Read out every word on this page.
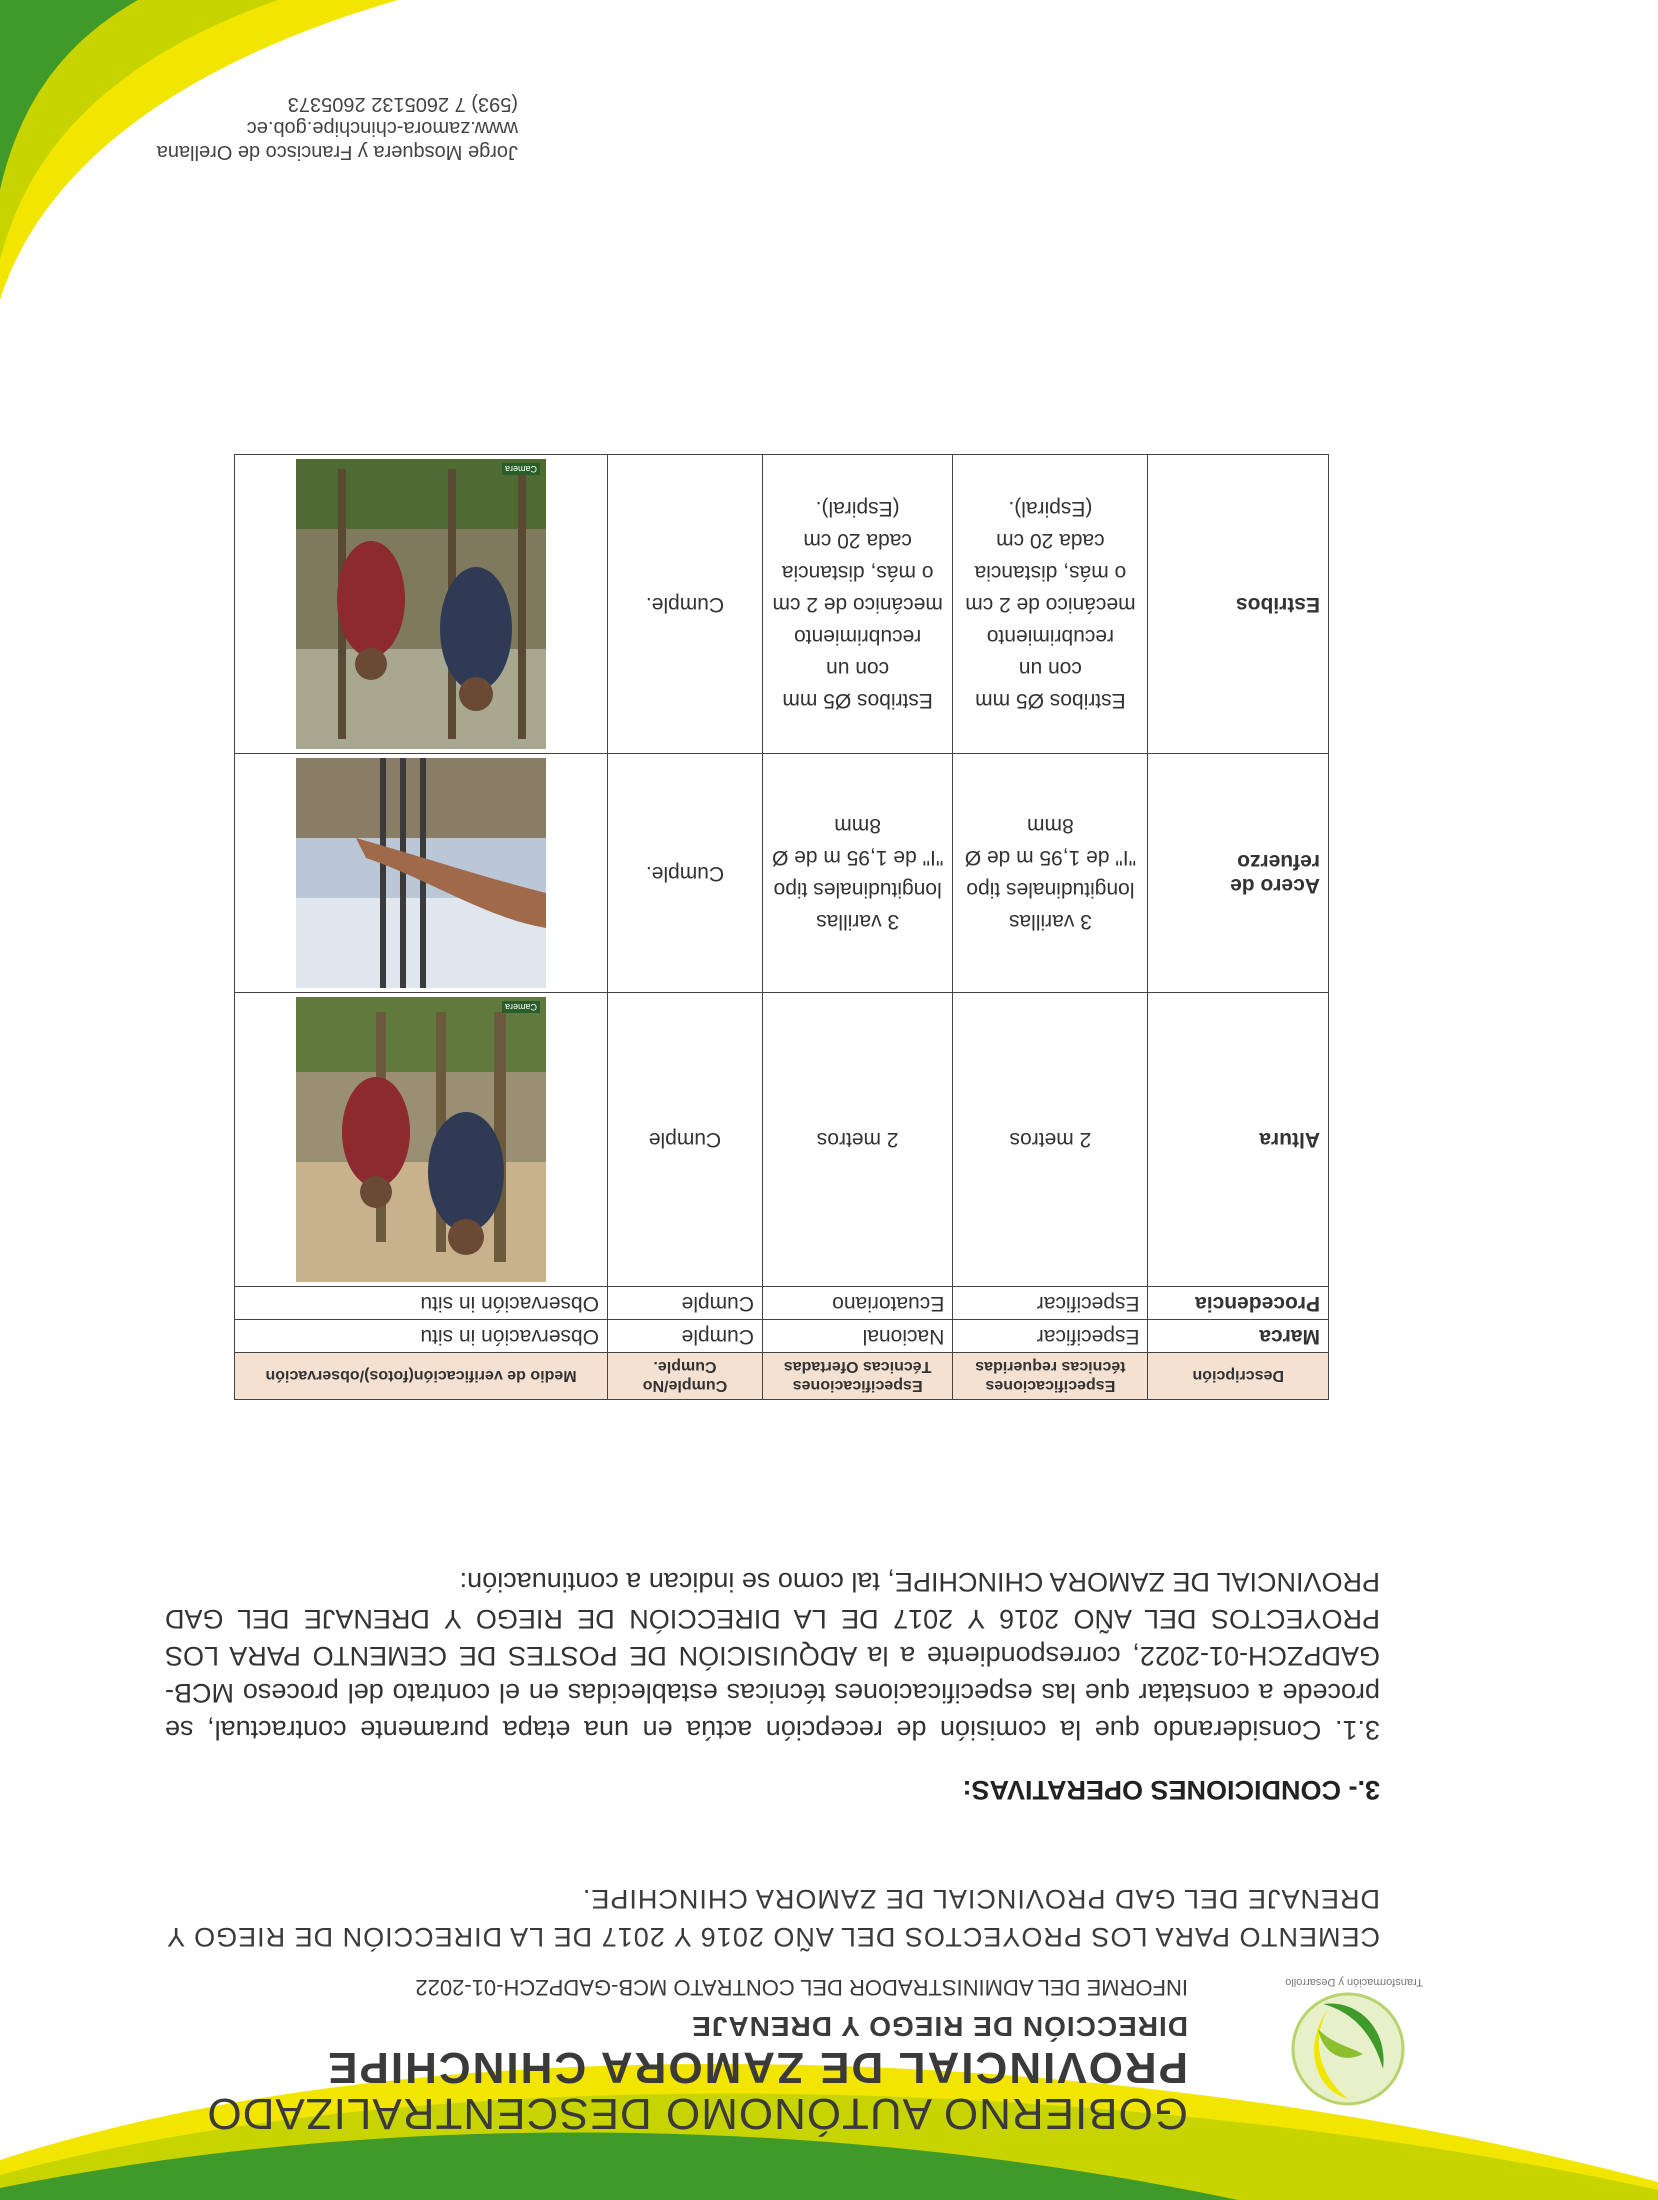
Transformación y Desarrollo
GOBIERNO AUTÓNOMO DESCENTRALIZADO
PROVINCIAL DE ZAMORA CHINCHIPE
DIRECCIÓN DE RIEGO Y DRENAJE
INFORME DEL ADMINISTRADOR DEL CONTRATO MCB-GADPZCH-01-2022
CEMENTO PARA LOS PROYECTOS DEL AÑO 2016 Y 2017 DE LA DIRECCIÓN DE RIEGO Y DRENAJE DEL GAD PROVINCIAL DE ZAMORA CHINCHIPE.
3.- CONDICIONES OPERATIVAS:
3.1. Considerando que la comisión de recepción actúa en una etapa puramente contractual, se procede a constatar que las especificaciones técnicas establecidas en el contrato del proceso MCB-GADPZCH-01-2022, correspondiente a la ADQUISICIÓN DE POSTES DE CEMENTO PARA LOS PROYECTOS DEL AÑO 2016 Y 2017 DE LA DIRECCIÓN DE RIEGO Y DRENAJE DEL GAD PROVINCIAL DE ZAMORA CHINCHIPE, tal como se indican a continuación:
Descripción	Especificaciones técnicas requeridas	Especificaciones Técnicas Ofertadas	Cumple/No Cumple.	Medio de verificación(fotos)/observación
Marca	Especificar	Nacional	Cumple	Observación in situ
Procedencia	Especificar	Ecuatoriano	Cumple	Observación in situ
Altura	2 metros	2 metros	Cumple	Camera

Acero de refuerzo	3 varillas longitudinales tipo "I" de 1,95 m de Ø 8mm	3 varillas longitudinales tipo "I" de 1,95 m de Ø 8mm	Cumple.	

Estribos	Estribos Ø5 mm con un recubrimiento mecánico de 2 cm o más, distancia cada 20 cm (Espiral).	Estribos Ø5 mm con un recubrimiento mecánico de 2 cm o más, distancia cada 20 cm (Espiral).	Cumple.	Camera
Jorge Mosquera y Francisco de Orellana
www.zamora-chinchipe.gob.ec
(593) 7 2605132 2605373
